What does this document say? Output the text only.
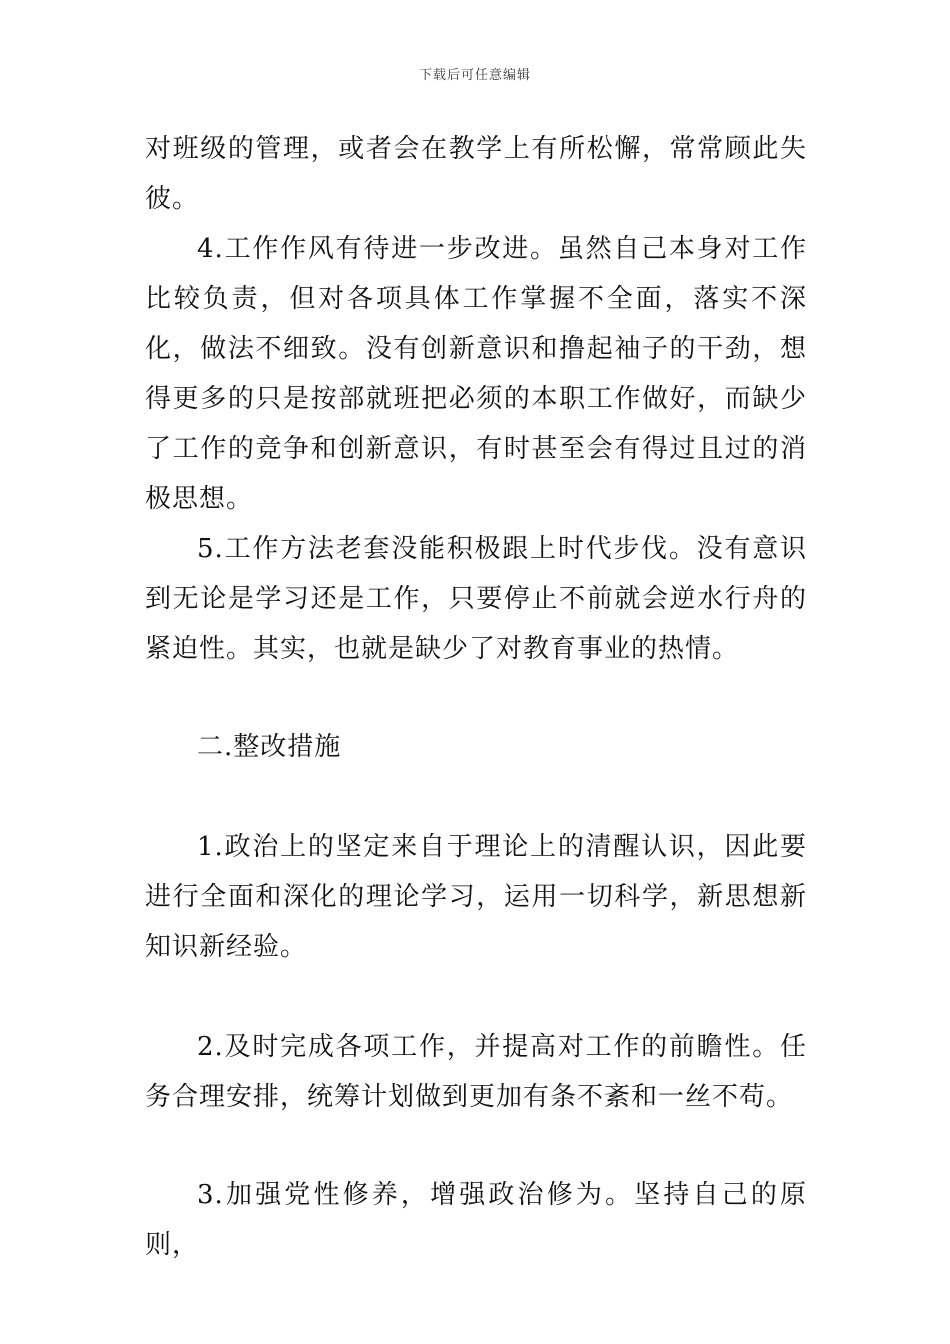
下载后可任意编辑

对班级的管理，或者会在教学上有所松懈，常常顾此失彼。

4.工作作风有待进一步改进。虽然自己本身对工作比较负责，但对各项具体工作掌握不全面，落实不深化，做法不细致。没有创新意识和撸起袖子的干劲，想得更多的只是按部就班把必须的本职工作做好，而缺少了工作的竞争和创新意识，有时甚至会有得过且过的消极思想。

5.工作方法老套没能积极跟上时代步伐。没有意识到无论是学习还是工作，只要停止不前就会逆水行舟的紧迫性。其实，也就是缺少了对教育事业的热情。

二.整改措施

1.政治上的坚定来自于理论上的清醒认识，因此要进行全面和深化的理论学习，运用一切科学，新思想新知识新经验。

2.及时完成各项工作，并提高对工作的前瞻性。任务合理安排，统筹计划做到更加有条不紊和一丝不苟。

3.加强党性修养，增强政治修为。坚持自己的原则，
